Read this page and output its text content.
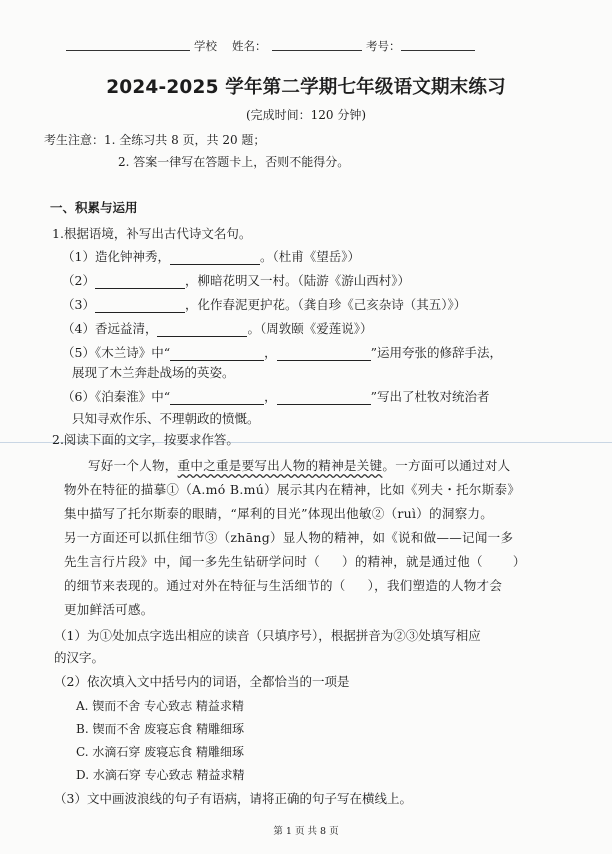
学校 姓名：	考号：
2024-2025 学年第二学期七年级语文期末练习
(完成时间：120 分钟)
考生注意：1. 全练习共 8 页，共 20 题；
2. 答案一律写在答题卡上，否则不能得分。
一、积累与运用
1.根据语境，补写出古代诗文名句。
（1）造化钟神秀，	。（杜甫《望岳》）
（2）	，柳暗花明又一村。（陆游《游山西村》）
（3）	，化作春泥更护花。（龚自珍《己亥杂诗（其五）》）
（4）香远益清，	。（周敦颐《爱莲说》）
（5）《木兰诗》中“	，	”运用夸张的修辞手法，
展现了木兰奔赴战场的英姿。
（6）《泊秦淮》中“	，	”写出了杜牧对统治者
只知寻欢作乐、不理朝政的愤慨。
2.阅读下面的文字，按要求作答。
写好一个人物，重中之重是要写出人物的精神是关键。一方面可以通过对人
物外在特征的描摹①（A.mó B.mú）展示其内在精神，比如《列夫・托尔斯泰》
集中描写了托尔斯泰的眼睛，“犀利的目光”体现出他敏②（ruì）的洞察力。
另一方面还可以抓住细节③（zhāng）显人物的精神，如《说和做——记闻一多
先生言行片段》中，闻一多先生钻研学问时（ ）的精神，就是通过他（ ）
的细节来表现的。通过对外在特征与生活细节的（ ），我们塑造的人物才会
更加鲜活可感。
（1）为①处加点字选出相应的读音（只填序号），根据拼音为②③处填写相应
的汉字。
（2）依次填入文中括号内的词语，全都恰当的一项是
A. 锲而不舍 专心致志 精益求精
B. 锲而不舍 废寝忘食 精雕细琢
C. 水滴石穿 废寝忘食 精雕细琢
D. 水滴石穿 专心致志 精益求精
（3）文中画波浪线的句子有语病，请将正确的句子写在横线上。
第 1 页 共 8 页
